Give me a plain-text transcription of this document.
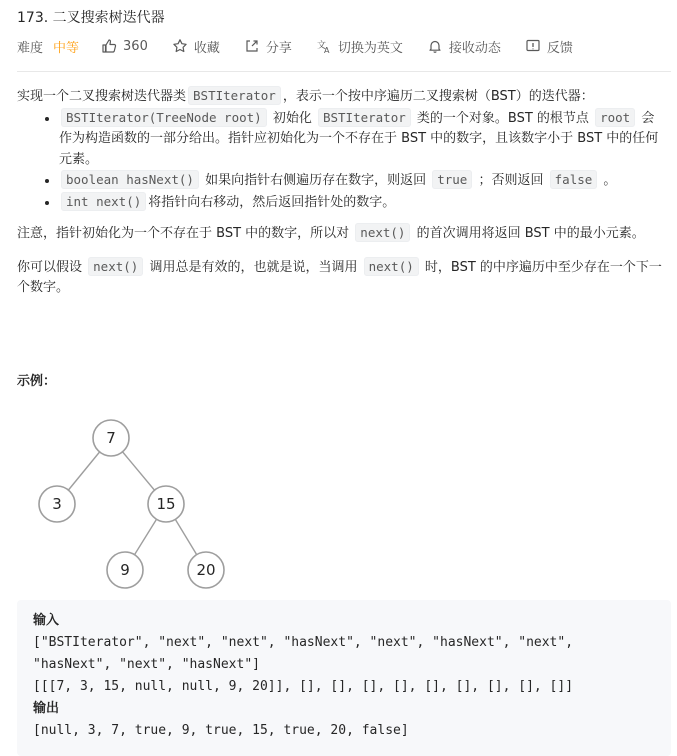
173. 二叉搜索树迭代器
难度 中等	360	收藏	分享	文
A 切换为英文	接收动态	反馈

实现一个二叉搜索树迭代器类 BSTIterator ，表示一个按中序遍历二叉搜索树（BST）的迭代器：

• BSTIterator(TreeNode root) 初始化 BSTIterator 类的一个对象。BST 的根节点 root 会作为构造函数的一部分给出。指针应初始化为一个不存在于 BST 中的数字，且该数字小于 BST 中的任何元素。
• boolean hasNext() 如果向指针右侧遍历存在数字，则返回 true ；否则返回 false 。
• int next() 将指针向右移动，然后返回指针处的数字。

注意，指针初始化为一个不存在于 BST 中的数字，所以对 next() 的首次调用将返回 BST 中的最小元素。

你可以假设 next() 调用总是有效的，也就是说，当调用 next() 时，BST 的中序遍历中至少存在一个下一个数字。

示例：
7
3	15
9	20
输入
["BSTIterator", "next", "next", "hasNext", "next", "hasNext", "next",
"hasNext", "next", "hasNext"]
[[[7, 3, 15, null, null, 9, 20]], [], [], [], [], [], [], [], [], []]
输出
[null, 3, 7, true, 9, true, 15, true, 20, false]
